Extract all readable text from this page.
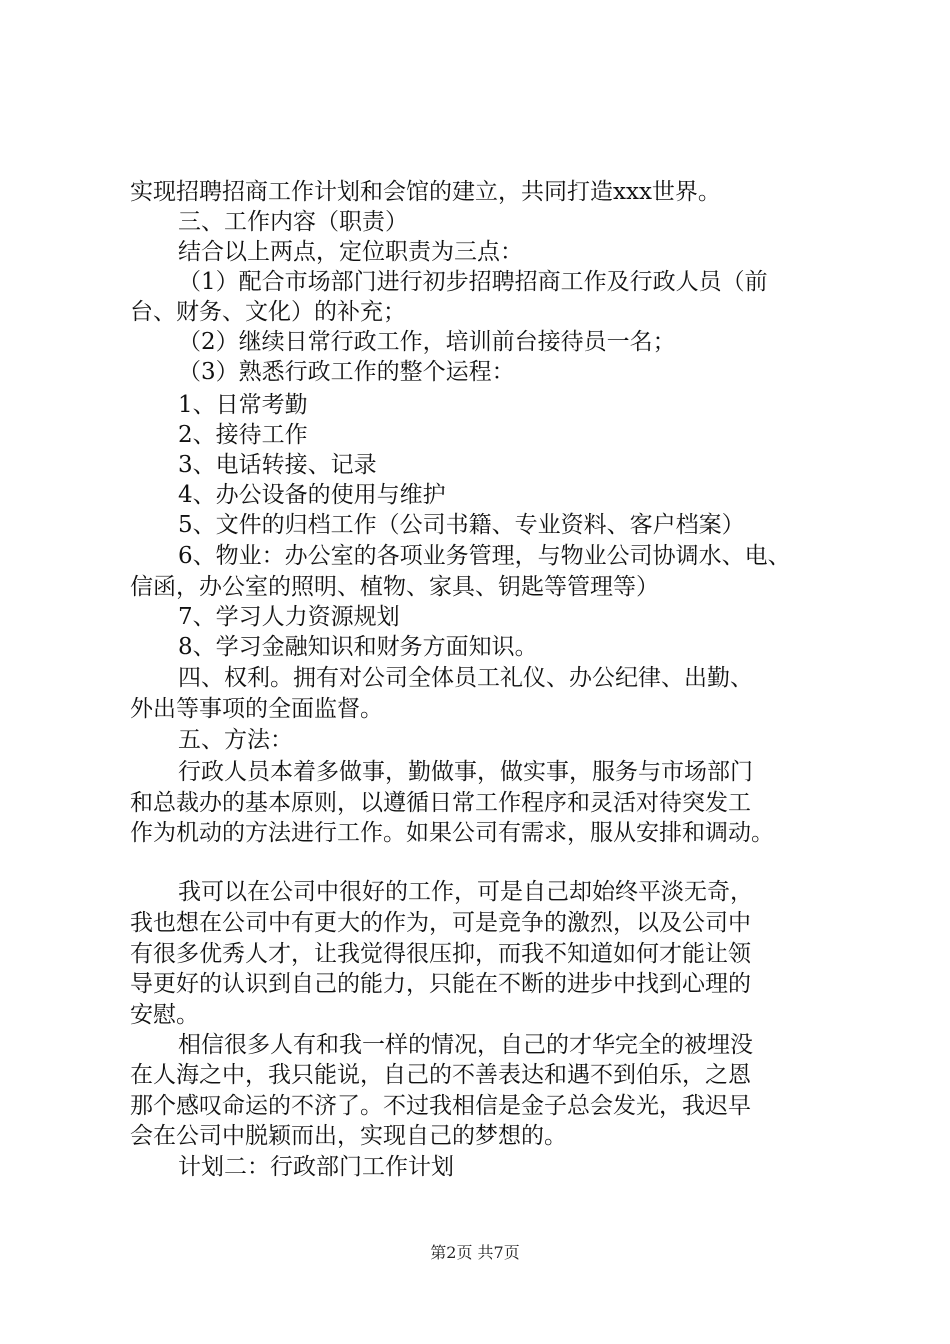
实现招聘招商工作计划和会馆的建立，共同打造xxx世界。
三、工作内容（职责）
结合以上两点，定位职责为三点：
（1）配合市场部门进行初步招聘招商工作及行政人员（前
台、财务、文化）的补充；
（2）继续日常行政工作，培训前台接待员一名；
（3）熟悉行政工作的整个运程：
1、日常考勤
2、接待工作
3、电话转接、记录
4、办公设备的使用与维护
5、文件的归档工作（公司书籍、专业资料、客户档案）
6、物业：办公室的各项业务管理，与物业公司协调水、电、
信函，办公室的照明、植物、家具、钥匙等管理等）
7、学习人力资源规划
8、学习金融知识和财务方面知识。
四、权利。拥有对公司全体员工礼仪、办公纪律、出勤、
外出等事项的全面监督。
五、方法：
行政人员本着多做事，勤做事，做实事，服务与市场部门
和总裁办的基本原则，以遵循日常工作程序和灵活对待突发工
作为机动的方法进行工作。如果公司有需求，服从安排和调动。
我可以在公司中很好的工作，可是自己却始终平淡无奇，
我也想在公司中有更大的作为，可是竞争的激烈，以及公司中
有很多优秀人才，让我觉得很压抑，而我不知道如何才能让领
导更好的认识到自己的能力，只能在不断的进步中找到心理的
安慰。
相信很多人有和我一样的情况，自己的才华完全的被埋没
在人海之中，我只能说，自己的不善表达和遇不到伯乐，之恩
那个感叹命运的不济了。不过我相信是金子总会发光，我迟早
会在公司中脱颖而出，实现自己的梦想的。
计划二：行政部门工作计划
第2页 共7页
